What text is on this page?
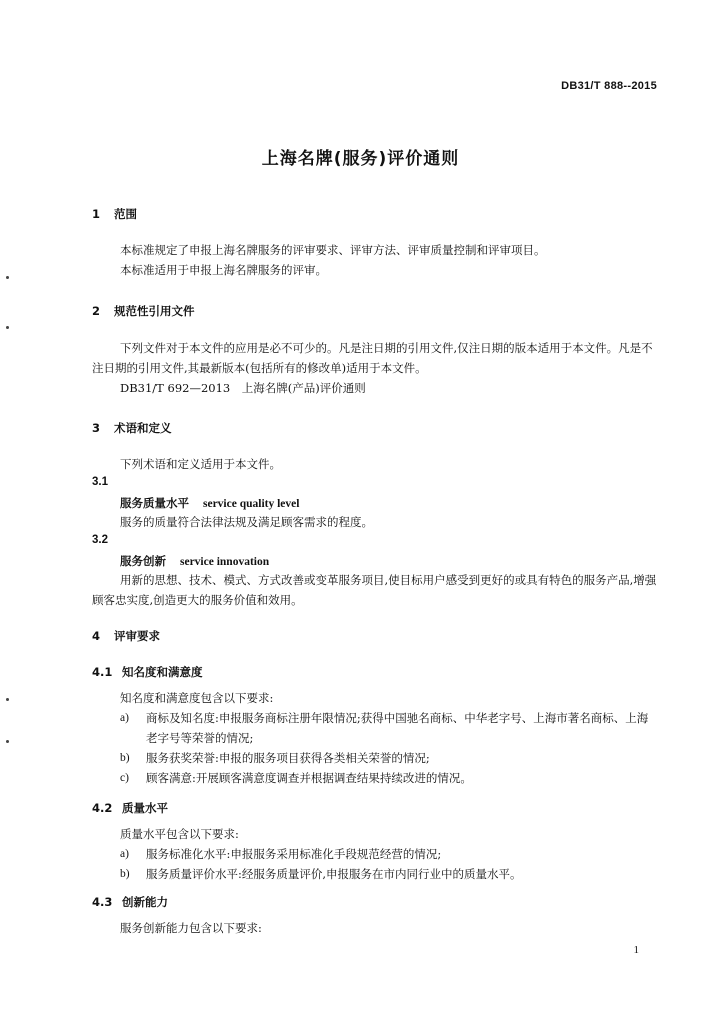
DB31/T 888--2015
上海名牌(服务)评价通则
1 范围
本标准规定了申报上海名牌服务的评审要求、评审方法、评审质量控制和评审项目。
本标准适用于申报上海名牌服务的评审。
2 规范性引用文件
下列文件对于本文件的应用是必不可少的。凡是注日期的引用文件,仅注日期的版本适用于本文件。凡是不注日期的引用文件,其最新版本(包括所有的修改单)适用于本文件。
DB31/T 692—2013　上海名牌(产品)评价通则
3 术语和定义
下列术语和定义适用于本文件。
3.1
服务质量水平 service quality level
服务的质量符合法律法规及满足顾客需求的程度。
3.2
服务创新 service innovation
用新的思想、技术、模式、方式改善或变革服务项目,使目标用户感受到更好的或具有特色的服务产品,增强顾客忠实度,创造更大的服务价值和效用。
4 评审要求
4.1 知名度和满意度
知名度和满意度包含以下要求:
a)	商标及知名度:申报服务商标注册年限情况;获得中国驰名商标、中华老字号、上海市著名商标、上海老字号等荣誉的情况;
b)	服务获奖荣誉:申报的服务项目获得各类相关荣誉的情况;
c)	顾客满意:开展顾客满意度调查并根据调查结果持续改进的情况。
4.2 质量水平
质量水平包含以下要求:
a)	服务标准化水平:申报服务采用标准化手段规范经营的情况;
b)	服务质量评价水平:经服务质量评价,申报服务在市内同行业中的质量水平。
4.3 创新能力
服务创新能力包含以下要求:
1
